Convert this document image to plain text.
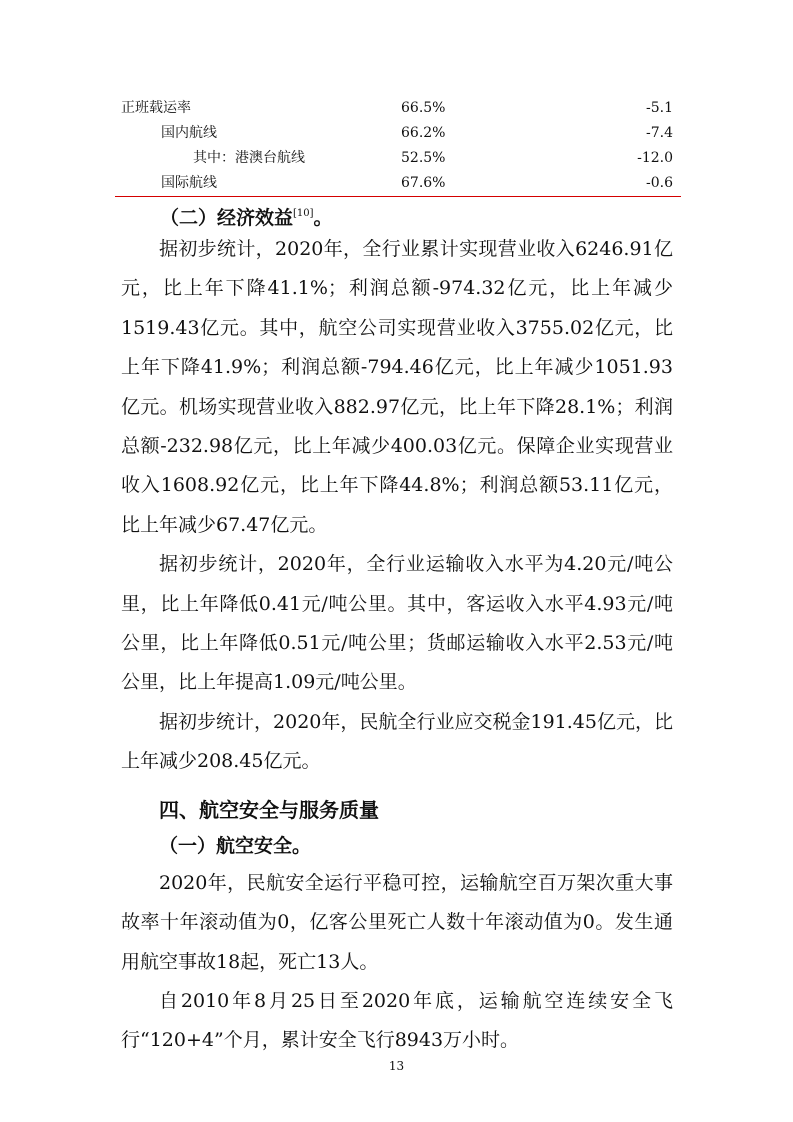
正班载运率	66.5%	-5.1
国内航线	66.2%	-7.4
其中：港澳台航线	52.5%	-12.0
国际航线	67.6%	-0.6
（二）经济效益[10]。

据初步统计，2020年，全行业累计实现营业收入6246.91亿元，比上年下降41.1%；利润总额-974.32亿元，比上年减少1519.43亿元。其中，航空公司实现营业收入3755.02亿元，比上年下降41.9%；利润总额-794.46亿元，比上年减少1051.93亿元。机场实现营业收入882.97亿元，比上年下降28.1%；利润总额-232.98亿元，比上年减少400.03亿元。保障企业实现营业收入1608.92亿元，比上年下降44.8%；利润总额53.11亿元，比上年减少67.47亿元。

据初步统计，2020年，全行业运输收入水平为4.20元/吨公里，比上年降低0.41元/吨公里。其中，客运收入水平4.93元/吨公里，比上年降低0.51元/吨公里；货邮运输收入水平2.53元/吨公里，比上年提高1.09元/吨公里。

据初步统计，2020年，民航全行业应交税金191.45亿元，比上年减少208.45亿元。

四、航空安全与服务质量
（一）航空安全。

2020年，民航安全运行平稳可控，运输航空百万架次重大事故率十年滚动值为0，亿客公里死亡人数十年滚动值为0。发生通用航空事故18起，死亡13人。

自2010年8月25日至2020年底，运输航空连续安全飞行“120+4”个月，累计安全飞行8943万小时。

13
